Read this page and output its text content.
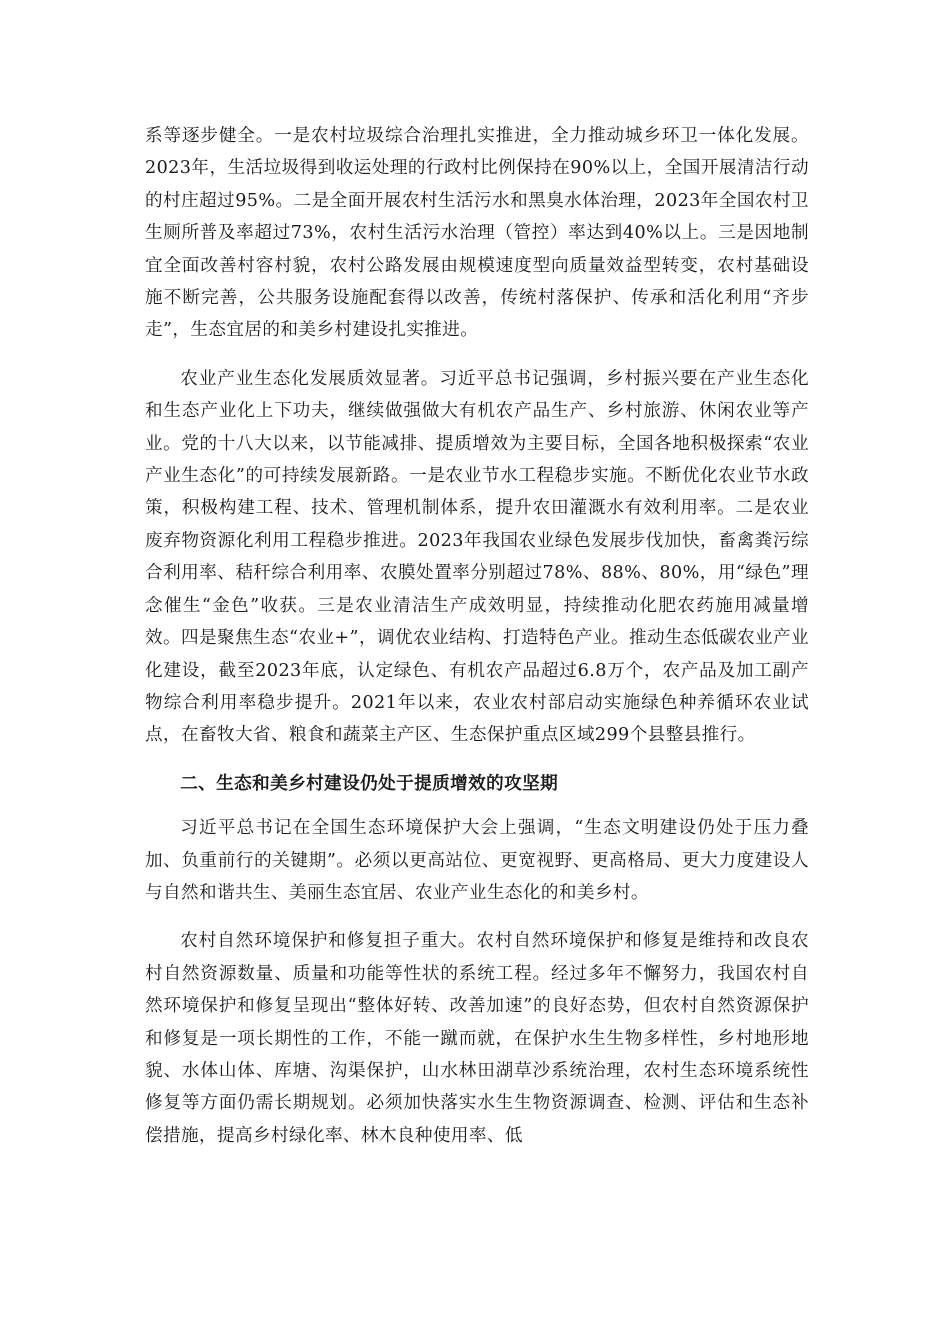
系等逐步健全。一是农村垃圾综合治理扎实推进，全力推动城乡环卫一体化发展。2023年，生活垃圾得到收运处理的行政村比例保持在90%以上，全国开展清洁行动的村庄超过95%。二是全面开展农村生活污水和黑臭水体治理，2023年全国农村卫生厕所普及率超过73%，农村生活污水治理（管控）率达到40%以上。三是因地制宜全面改善村容村貌，农村公路发展由规模速度型向质量效益型转变，农村基础设施不断完善，公共服务设施配套得以改善，传统村落保护、传承和活化利用“齐步走”，生态宜居的和美乡村建设扎实推进。

农业产业生态化发展质效显著。习近平总书记强调，乡村振兴要在产业生态化和生态产业化上下功夫，继续做强做大有机农产品生产、乡村旅游、休闲农业等产业。党的十八大以来，以节能减排、提质增效为主要目标，全国各地积极探索“农业产业生态化”的可持续发展新路。一是农业节水工程稳步实施。不断优化农业节水政策，积极构建工程、技术、管理机制体系，提升农田灌溉水有效利用率。二是农业废弃物资源化利用工程稳步推进。2023年我国农业绿色发展步伐加快，畜禽粪污综合利用率、秸秆综合利用率、农膜处置率分别超过78%、88%、80%，用“绿色”理念催生“金色”收获。三是农业清洁生产成效明显，持续推动化肥农药施用减量增效。四是聚焦生态“农业+”，调优农业结构、打造特色产业。推动生态低碳农业产业化建设，截至2023年底，认定绿色、有机农产品超过6.8万个，农产品及加工副产物综合利用率稳步提升。2021年以来，农业农村部启动实施绿色种养循环农业试点，在畜牧大省、粮食和蔬菜主产区、生态保护重点区域299个县整县推行。

二、生态和美乡村建设仍处于提质增效的攻坚期

习近平总书记在全国生态环境保护大会上强调，“生态文明建设仍处于压力叠加、负重前行的关键期”。必须以更高站位、更宽视野、更高格局、更大力度建设人与自然和谐共生、美丽生态宜居、农业产业生态化的和美乡村。

农村自然环境保护和修复担子重大。农村自然环境保护和修复是维持和改良农村自然资源数量、质量和功能等性状的系统工程。经过多年不懈努力，我国农村自然环境保护和修复呈现出“整体好转、改善加速”的良好态势，但农村自然资源保护和修复是一项长期性的工作，不能一蹴而就，在保护水生生物多样性，乡村地形地貌、水体山体、库塘、沟渠保护，山水林田湖草沙系统治理，农村生态环境系统性修复等方面仍需长期规划。必须加快落实水生生物资源调查、检测、评估和生态补偿措施，提高乡村绿化率、林木良种使用率、低
